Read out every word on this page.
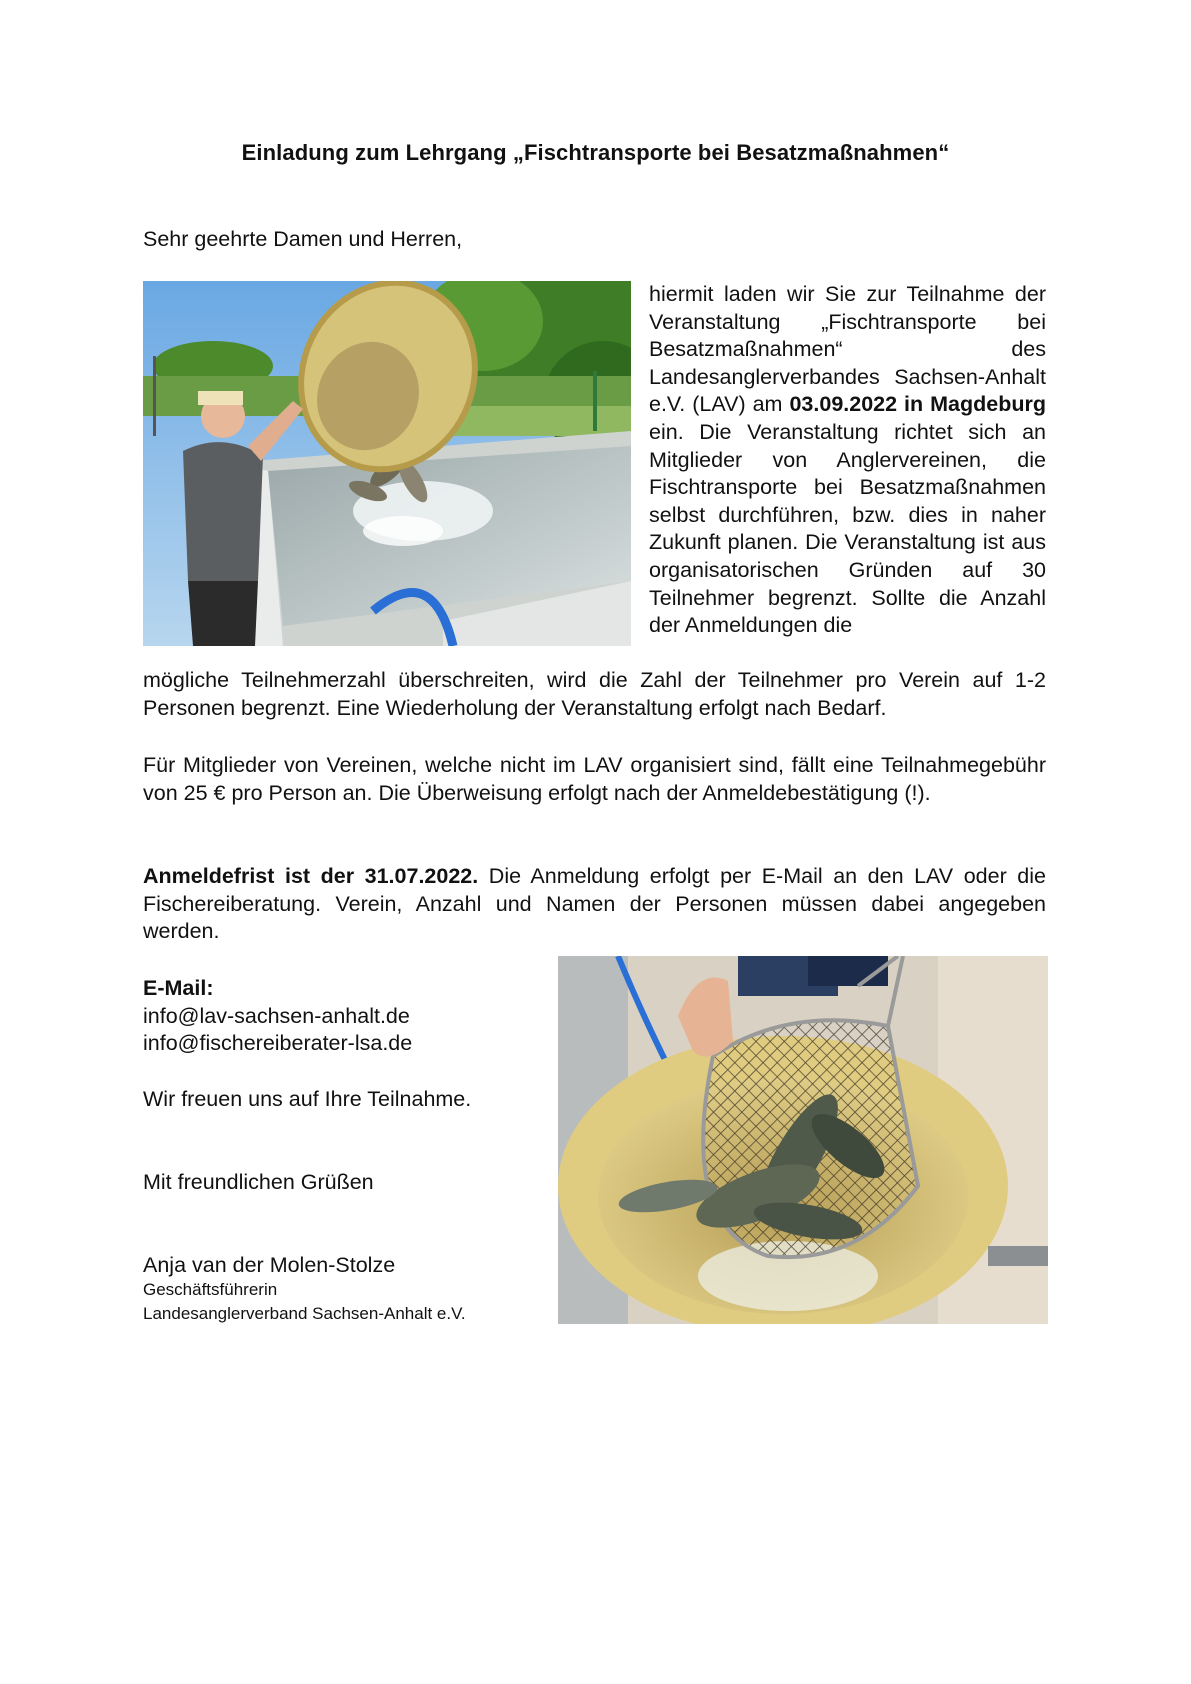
Einladung zum Lehrgang „Fischtransporte bei Besatzmaßnahmen“
Sehr geehrte Damen und Herren,

hiermit laden wir Sie zur Teilnahme der Veranstaltung „Fischtransporte bei Besatzmaßnahmen“ des Landesanglerverbandes Sachsen-Anhalt e.V. (LAV) am 03.09.2022 in Magdeburg ein. Die Veranstaltung richtet sich an Mitglieder von Anglervereinen, die Fischtransporte bei Besatzmaßnahmen selbst durchführen, bzw. dies in naher Zukunft planen. Die Veranstaltung ist aus organisatorischen Gründen auf 30 Teilnehmer begrenzt. Sollte die Anzahl der Anmeldungen die

mögliche Teilnehmerzahl überschreiten, wird die Zahl der Teilnehmer pro Verein auf 1-2 Personen begrenzt. Eine Wiederholung der Veranstaltung erfolgt nach Bedarf.

Für Mitglieder von Vereinen, welche nicht im LAV organisiert sind, fällt eine Teilnahmegebühr von 25 € pro Person an. Die Überweisung erfolgt nach der Anmeldebestätigung (!).

Anmeldefrist ist der 31.07.2022. Die Anmeldung erfolgt per E-Mail an den LAV oder die Fischereiberatung. Verein, Anzahl und Namen der Personen müssen dabei angegeben werden.

E-Mail:
info@lav-sachsen-anhalt.de
info@fischereiberater-lsa.de
Wir freuen uns auf Ihre Teilnahme.
Mit freundlichen Grüßen
Anja van der Molen-Stolze
Geschäftsführerin
Landesanglerverband Sachsen-Anhalt e.V.
